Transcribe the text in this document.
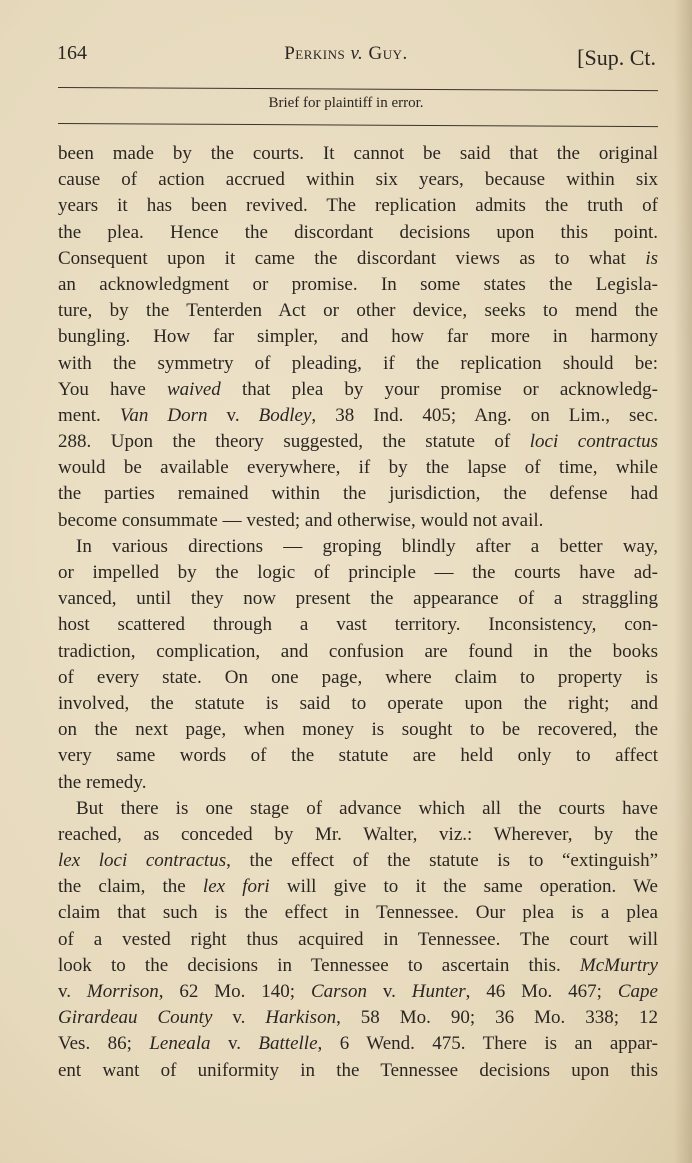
164	Perkins v. Guy.	[Sup. Ct.
Brief for plaintiff in error.
been made by the courts. It cannot be said that the original
cause of action accrued within six years, because within six
years it has been revived. The replication admits the truth of
the plea. Hence the discordant decisions upon this point.
Consequent upon it came the discordant views as to what is
an acknowledgment or promise. In some states the Legisla-
ture, by the Tenterden Act or other device, seeks to mend the
bungling. How far simpler, and how far more in harmony
with the symmetry of pleading, if the replication should be:
You have waived that plea by your promise or acknowledg-
ment. Van Dorn v. Bodley, 38 Ind. 405; Ang. on Lim., sec.
288. Upon the theory suggested, the statute of loci contractus
would be available everywhere, if by the lapse of time, while
the parties remained within the jurisdiction, the defense had
become consummate — vested; and otherwise, would not avail.
In various directions — groping blindly after a better way,
or impelled by the logic of principle — the courts have ad-
vanced, until they now present the appearance of a straggling
host scattered through a vast territory. Inconsistency, con-
tradiction, complication, and confusion are found in the books
of every state. On one page, where claim to property is
involved, the statute is said to operate upon the right; and
on the next page, when money is sought to be recovered, the
very same words of the statute are held only to affect
the remedy.
But there is one stage of advance which all the courts have
reached, as conceded by Mr. Walter, viz.: Wherever, by the
lex loci contractus, the effect of the statute is to “extinguish”
the claim, the lex fori will give to it the same operation. We
claim that such is the effect in Tennessee. Our plea is a plea
of a vested right thus acquired in Tennessee. The court will
look to the decisions in Tennessee to ascertain this. McMurtry
v. Morrison, 62 Mo. 140; Carson v. Hunter, 46 Mo. 467; Cape
Girardeau County v. Harkison, 58 Mo. 90; 36 Mo. 338; 12
Ves. 86; Leneala v. Battelle, 6 Wend. 475. There is an appar-
ent want of uniformity in the Tennessee decisions upon this
